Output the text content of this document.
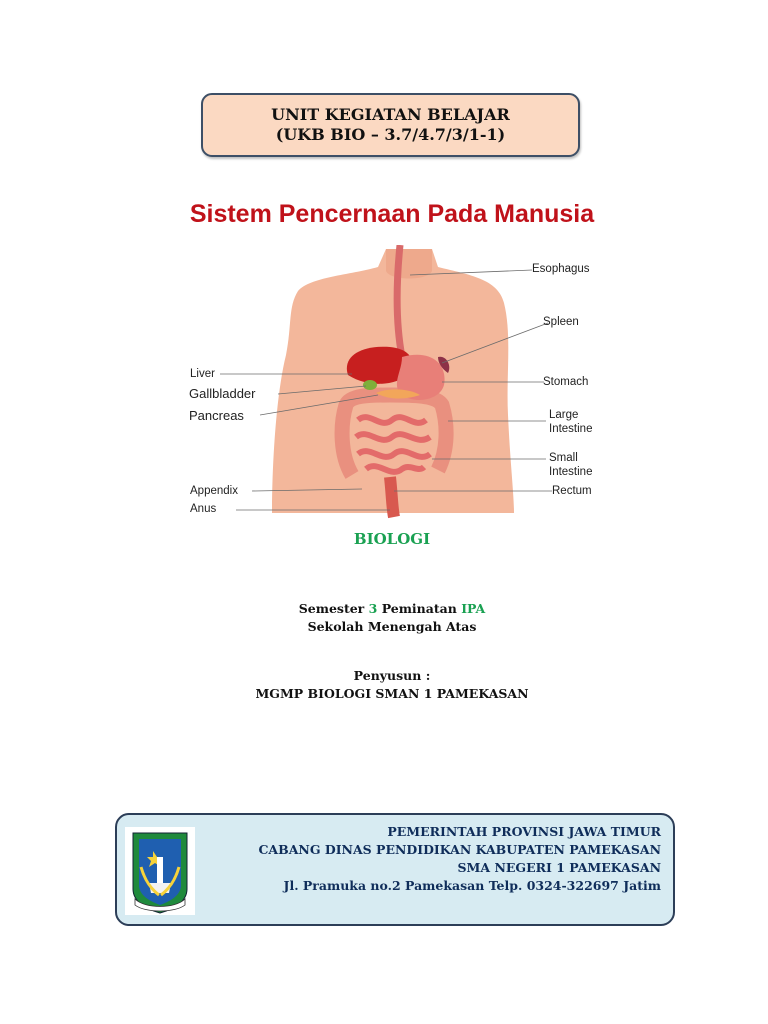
UNIT KEGIATAN BELAJAR
(UKB BIO – 3.7/4.7/3/1-1)
Sistem Pencernaan Pada Manusia
Esophagus
Spleen
Stomach
Large
Intestine
Small
Intestine
Rectum
Liver
Gallbladder
Pancreas
Appendix
Anus
BIOLOGI
Semester 3 Peminatan IPA
Sekolah Menengah Atas
Penyusun :
MGMP BIOLOGI SMAN 1 PAMEKASAN
PEMERINTAH PROVINSI JAWA TIMUR
CABANG DINAS PENDIDIKAN KABUPATEN PAMEKASAN
SMA NEGERI 1 PAMEKASAN
Jl. Pramuka no.2 Pamekasan Telp. 0324-322697 Jatim
